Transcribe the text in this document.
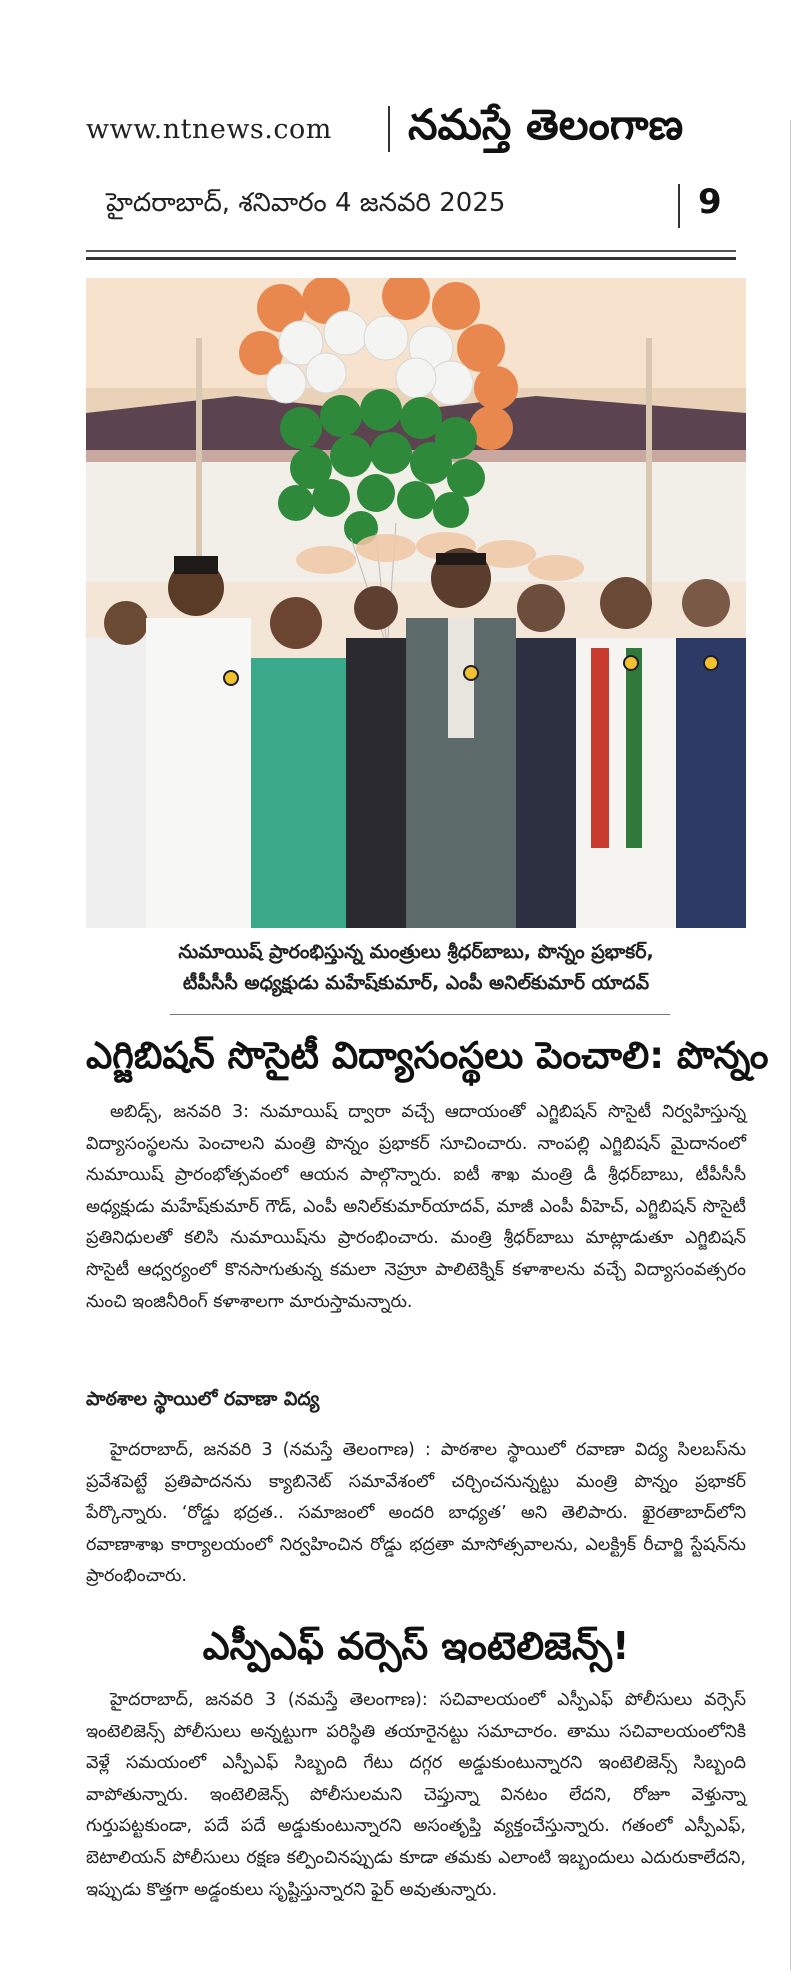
www.ntnews.com నమస్తే తెలంగాణ
హైదరాబాద్, శనివారం 4 జనవరి 2025	9
నుమాయిష్ ప్రారంభిస్తున్న మంత్రులు శ్రీధర్‌బాబు, పొన్నం ప్రభాకర్,
టీపీసీసీ అధ్యక్షుడు మహేష్‌కుమార్, ఎంపీ అనిల్‌కుమార్ యాదవ్
ఎగ్జిబిషన్ సొసైటీ విద్యాసంస్థలు పెంచాలి: పొన్నం
అబిడ్స్, జనవరి 3: నుమాయిష్ ద్వారా వచ్చే ఆదాయంతో ఎగ్జిబిషన్ సొసైటీ నిర్వహిస్తున్న విద్యాసంస్థలను పెంచాలని మంత్రి పొన్నం ప్రభాకర్ సూచించారు. నాంపల్లి ఎగ్జిబిషన్ మైదానంలో నుమాయిష్ ప్రారంభోత్సవంలో ఆయన పాల్గొన్నారు. ఐటీ శాఖ మంత్రి డీ శ్రీధర్‌బాబు, టీపీసీసీ అధ్యక్షుడు మహేష్‌కుమార్ గౌడ్, ఎంపీ అనిల్‌కుమార్‌యాదవ్, మాజీ ఎంపీ వీహెచ్, ఎగ్జిబిషన్ సొసైటీ ప్రతినిధులతో కలిసి నుమాయిష్‌ను ప్రారంభించారు. మంత్రి శ్రీధర్‌బాబు మాట్లాడుతూ ఎగ్జిబిషన్ సొసైటీ ఆధ్వర్యంలో కొనసాగుతున్న కమలా నెహ్రూ పాలిటెక్నిక్ కళాశాలను వచ్చే విద్యాసంవత్సరం నుంచి ఇంజినీరింగ్ కళాశాలగా మారుస్తామన్నారు.
పాఠశాల స్థాయిలో రవాణా విద్య
హైదరాబాద్, జనవరి 3 (నమస్తే తెలంగాణ) : పాఠశాల స్థాయిలో రవాణా విద్య సిలబస్‌ను ప్రవేశపెట్టే ప్రతిపాదనను క్యాబినెట్ సమావేశంలో చర్చించనున్నట్టు మంత్రి పొన్నం ప్రభాకర్ పేర్కొన్నారు. ‘రోడ్డు భద్రత.. సమాజంలో అందరి బాధ్యత’ అని తెలిపారు. ఖైరతాబాద్‌లోని రవాణాశాఖ కార్యాలయంలో నిర్వహించిన రోడ్డు భద్రతా మాసోత్సవాలను, ఎలక్ట్రిక్ రీచార్జి స్టేషన్‌ను ప్రారంభించారు.
ఎస్పీఎఫ్ వర్సెస్ ఇంటెలిజెన్స్!
హైదరాబాద్, జనవరి 3 (నమస్తే తెలంగాణ): సచివాలయంలో ఎస్పీఎఫ్ పోలీసులు వర్సెస్ ఇంటెలిజెన్స్ పోలీసులు అన్నట్టుగా పరిస్థితి తయారైనట్టు సమాచారం. తాము సచివాలయంలోనికి వెళ్లే సమయంలో ఎస్పీఎఫ్ సిబ్బంది గేటు దగ్గర అడ్డుకుంటున్నారని ఇంటెలిజెన్స్ సిబ్బంది వాపోతున్నారు. ఇంటెలిజెన్స్ పోలీసులమని చెప్తున్నా వినటం లేదని, రోజూ వెళ్తున్నా గుర్తుపట్టకుండా, పదే పదే అడ్డుకుంటున్నారని అసంతృప్తి వ్యక్తంచేస్తున్నారు. గతంలో ఎస్పీఎఫ్, బెటాలియన్ పోలీసులు రక్షణ కల్పించినప్పుడు కూడా తమకు ఎలాంటి ఇబ్బందులు ఎదురుకాలేదని, ఇప్పుడు కొత్తగా అడ్డంకులు సృష్టిస్తున్నారని ఫైర్ అవుతున్నారు.
